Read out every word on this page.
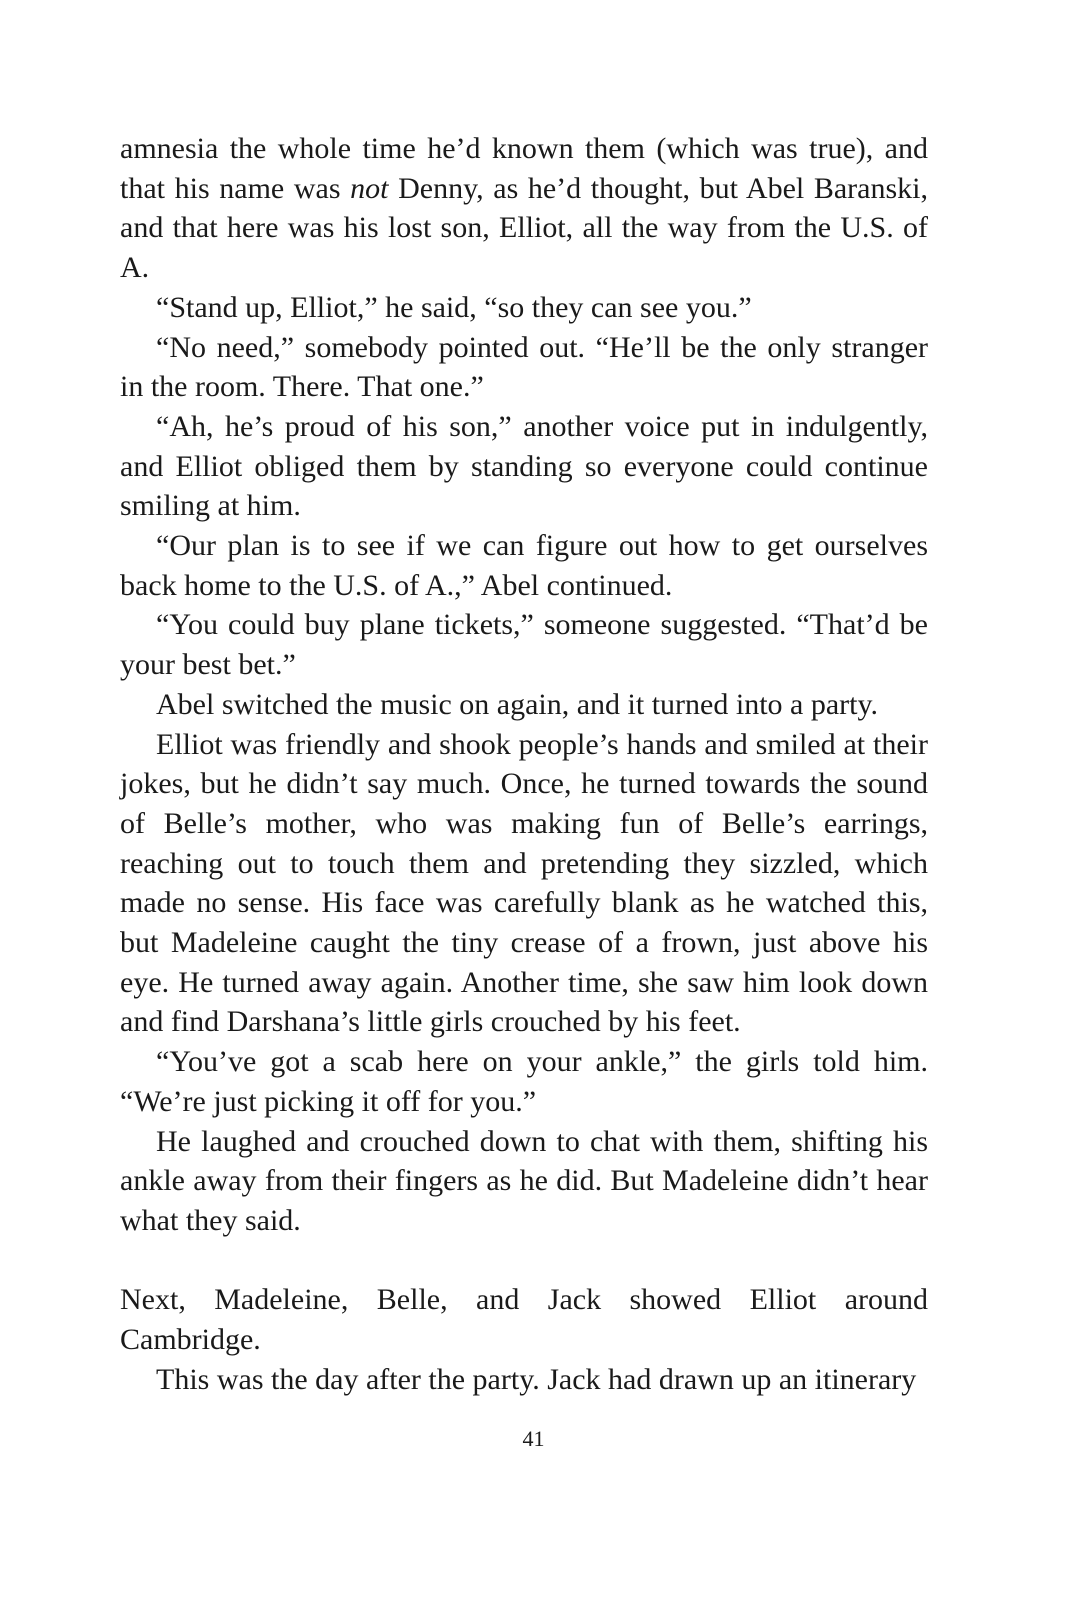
amnesia the whole time he’d known them (which was true), and that his name was not Denny, as he’d thought, but Abel Baranski, and that here was his lost son, Elliot, all the way from the U.S. of A.

“Stand up, Elliot,” he said, “so they can see you.”

“No need,” somebody pointed out. “He’ll be the only stranger in the room. There. That one.”

“Ah, he’s proud of his son,” another voice put in indulgently, and Elliot obliged them by standing so everyone could continue smiling at him.

“Our plan is to see if we can figure out how to get ourselves back home to the U.S. of A.,” Abel continued.

“You could buy plane tickets,” someone suggested. “That’d be your best bet.”

Abel switched the music on again, and it turned into a party.

Elliot was friendly and shook people’s hands and smiled at their jokes, but he didn’t say much. Once, he turned towards the sound of Belle’s mother, who was making fun of Belle’s earrings, reaching out to touch them and pretending they sizzled, which made no sense. His face was carefully blank as he watched this, but Madeleine caught the tiny crease of a frown, just above his eye. He turned away again. Another time, she saw him look down and find Darshana’s little girls crouched by his feet.

“You’ve got a scab here on your ankle,” the girls told him. “We’re just picking it off for you.”

He laughed and crouched down to chat with them, shifting his ankle away from their fingers as he did. But Madeleine didn’t hear what they said.

Next, Madeleine, Belle, and Jack showed Elliot around Cambridge.

This was the day after the party. Jack had drawn up an itinerary

41
